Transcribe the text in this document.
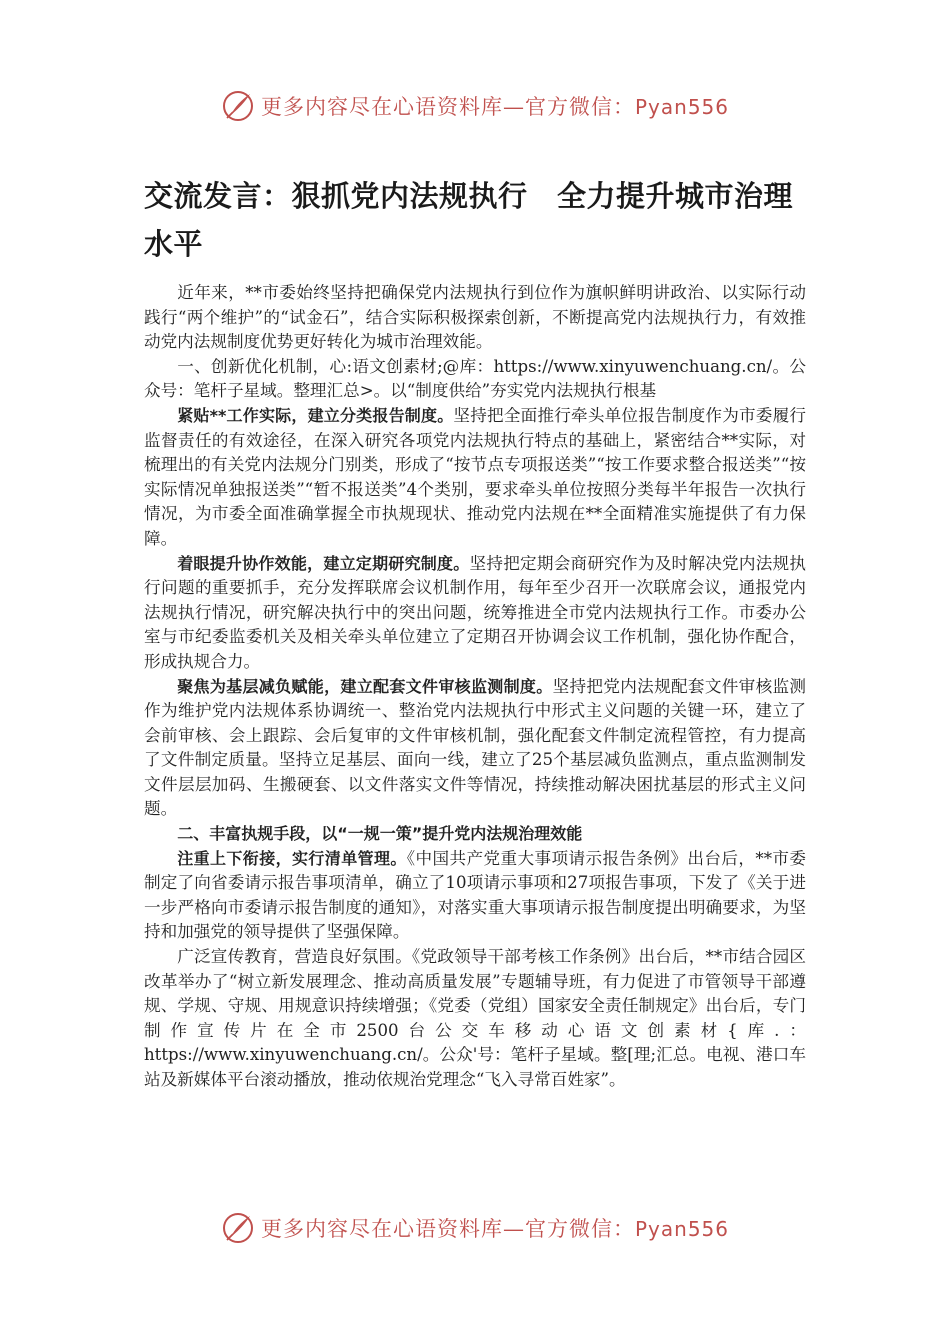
更多内容尽在心语资料库—官方微信：Pyan556
交流发言：狠抓党内法规执行　全力提升城市治理水平

近年来，**市委始终坚持把确保党内法规执行到位作为旗帜鲜明讲政治、以实际行动践行“两个维护”的“试金石”，结合实际积极探索创新，不断提高党内法规执行力，有效推动党内法规制度优势更好转化为城市治理效能。

一、创新优化机制，心:语文创素材;@库：https://www.xinyuwenchuang.cn/。公众号：笔杆子星域。整理汇总>。以“制度供给”夯实党内法规执行根基

紧贴**工作实际，建立分类报告制度。坚持把全面推行牵头单位报告制度作为市委履行监督责任的有效途径，在深入研究各项党内法规执行特点的基础上，紧密结合**实际，对梳理出的有关党内法规分门别类，形成了“按节点专项报送类”“按工作要求整合报送类”“按实际情况单独报送类”“暂不报送类”4个类别，要求牵头单位按照分类每半年报告一次执行情况，为市委全面准确掌握全市执规现状、推动党内法规在**全面精准实施提供了有力保障。

着眼提升协作效能，建立定期研究制度。坚持把定期会商研究作为及时解决党内法规执行问题的重要抓手，充分发挥联席会议机制作用，每年至少召开一次联席会议，通报党内法规执行情况，研究解决执行中的突出问题，统筹推进全市党内法规执行工作。市委办公室与市纪委监委机关及相关牵头单位建立了定期召开协调会议工作机制，强化协作配合，形成执规合力。

聚焦为基层减负赋能，建立配套文件审核监测制度。坚持把党内法规配套文件审核监测作为维护党内法规体系协调统一、整治党内法规执行中形式主义问题的关键一环，建立了会前审核、会上跟踪、会后复审的文件审核机制，强化配套文件制定流程管控，有力提高了文件制定质量。坚持立足基层、面向一线，建立了25个基层减负监测点，重点监测制发文件层层加码、生搬硬套、以文件落实文件等情况，持续推动解决困扰基层的形式主义问题。

二、丰富执规手段，以“一规一策”提升党内法规治理效能

注重上下衔接，实行清单管理。《中国共产党重大事项请示报告条例》出台后，**市委制定了向省委请示报告事项清单，确立了10项请示事项和27项报告事项，下发了《关于进一步严格向市委请示报告制度的通知》，对落实重大事项请示报告制度提出明确要求，为坚持和加强党的领导提供了坚强保障。

广泛宣传教育，营造良好氛围。《党政领导干部考核工作条例》出台后，**市结合园区改革举办了“树立新发展理念、推动高质量发展”专题辅导班，有力促进了市管领导干部遵规、学规、守规、用规意识持续增强；《党委（党组）国家安全责任制规定》出台后，专门制作宣传片在全市2500台公交车移动心语文创素材{库.：https://www.xinyuwenchuang.cn/。公众'号：笔杆子星域。整[理;汇总。电视、港口车站及新媒体平台滚动播放，推动依规治党理念“飞入寻常百姓家”。

更多内容尽在心语资料库—官方微信：Pyan556
